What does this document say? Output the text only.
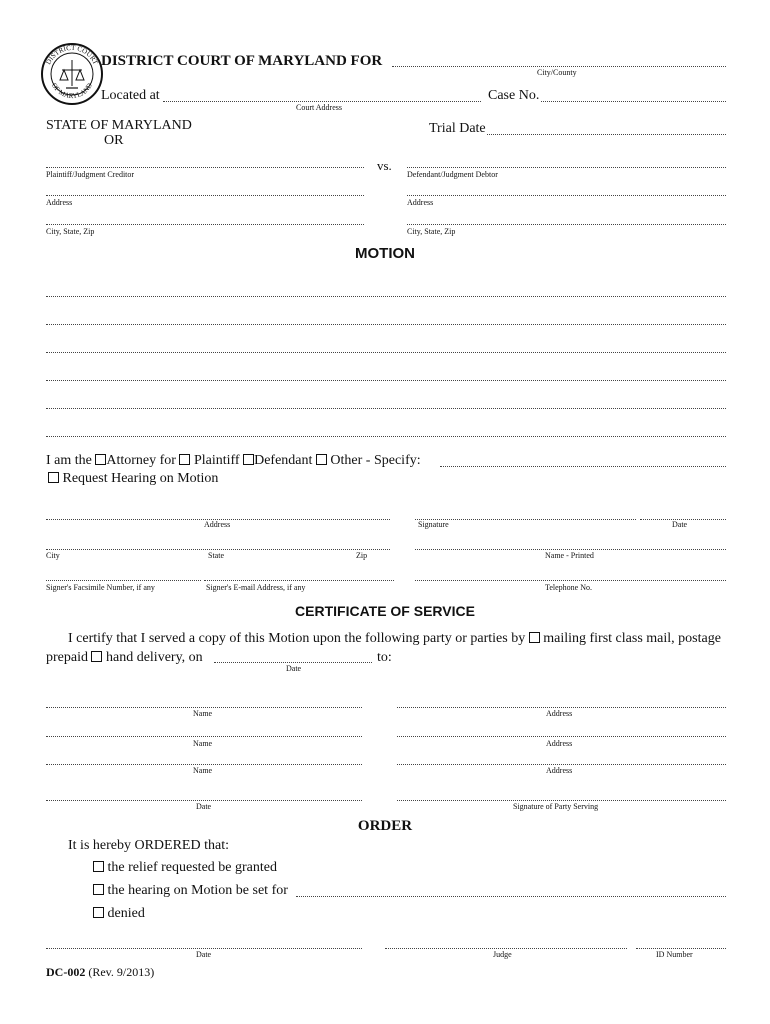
DISTRICT COURT
OF MARYLAND
DISTRICT COURT OF MARYLAND FOR
City/County
Located at
Court Address
Case No.
STATE OF MARYLAND
OR
Trial Date
Plaintiff/Judgment Creditor
vs.
Defendant/Judgment Debtor
Address	Address
City, State, Zip	City, State, Zip
MOTION
I am the Attorney for Plaintiff Defendant Other - Specify:
Request Hearing on Motion
Address	Signature	Date
City	State	Zip	Name - Printed
Signer's Facsimile Number, if any	Signer's E-mail Address, if any	Telephone No.
CERTIFICATE OF SERVICE
I certify that I served a copy of this Motion upon the following party or parties by mailing first class mail, postage
prepaid hand delivery, on
Date
to:
Name	Address
Name	Address
Name	Address
Date	Signature of Party Serving
ORDER
It is hereby ORDERED that:
the relief requested be granted
the hearing on Motion be set for
denied
Date	Judge	ID Number
DC-002 (Rev. 9/2013)
